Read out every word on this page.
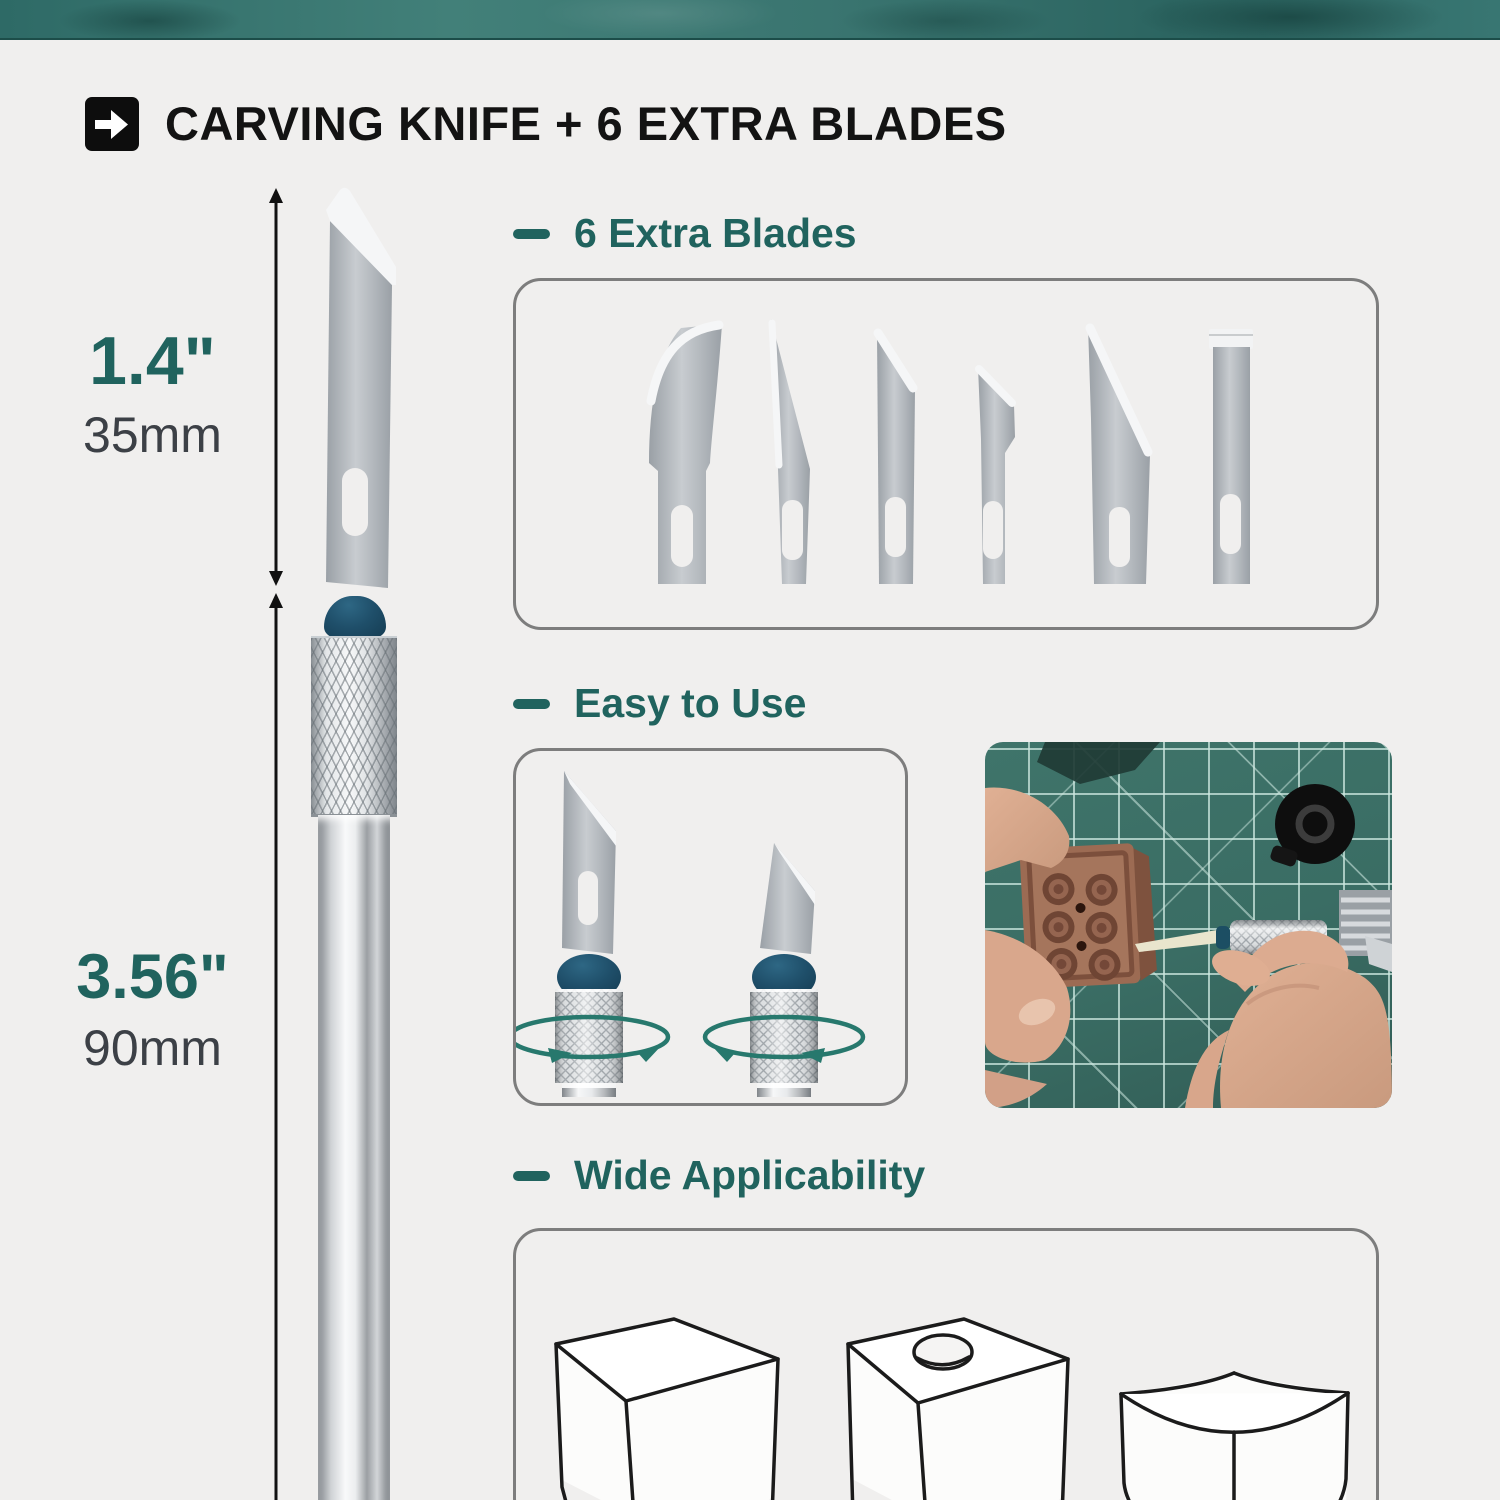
CARVING KNIFE + 6 EXTRA BLADES
1.4"
35mm
3.56"
90mm
6 Extra Blades
Easy to Use
Wide Applicability
